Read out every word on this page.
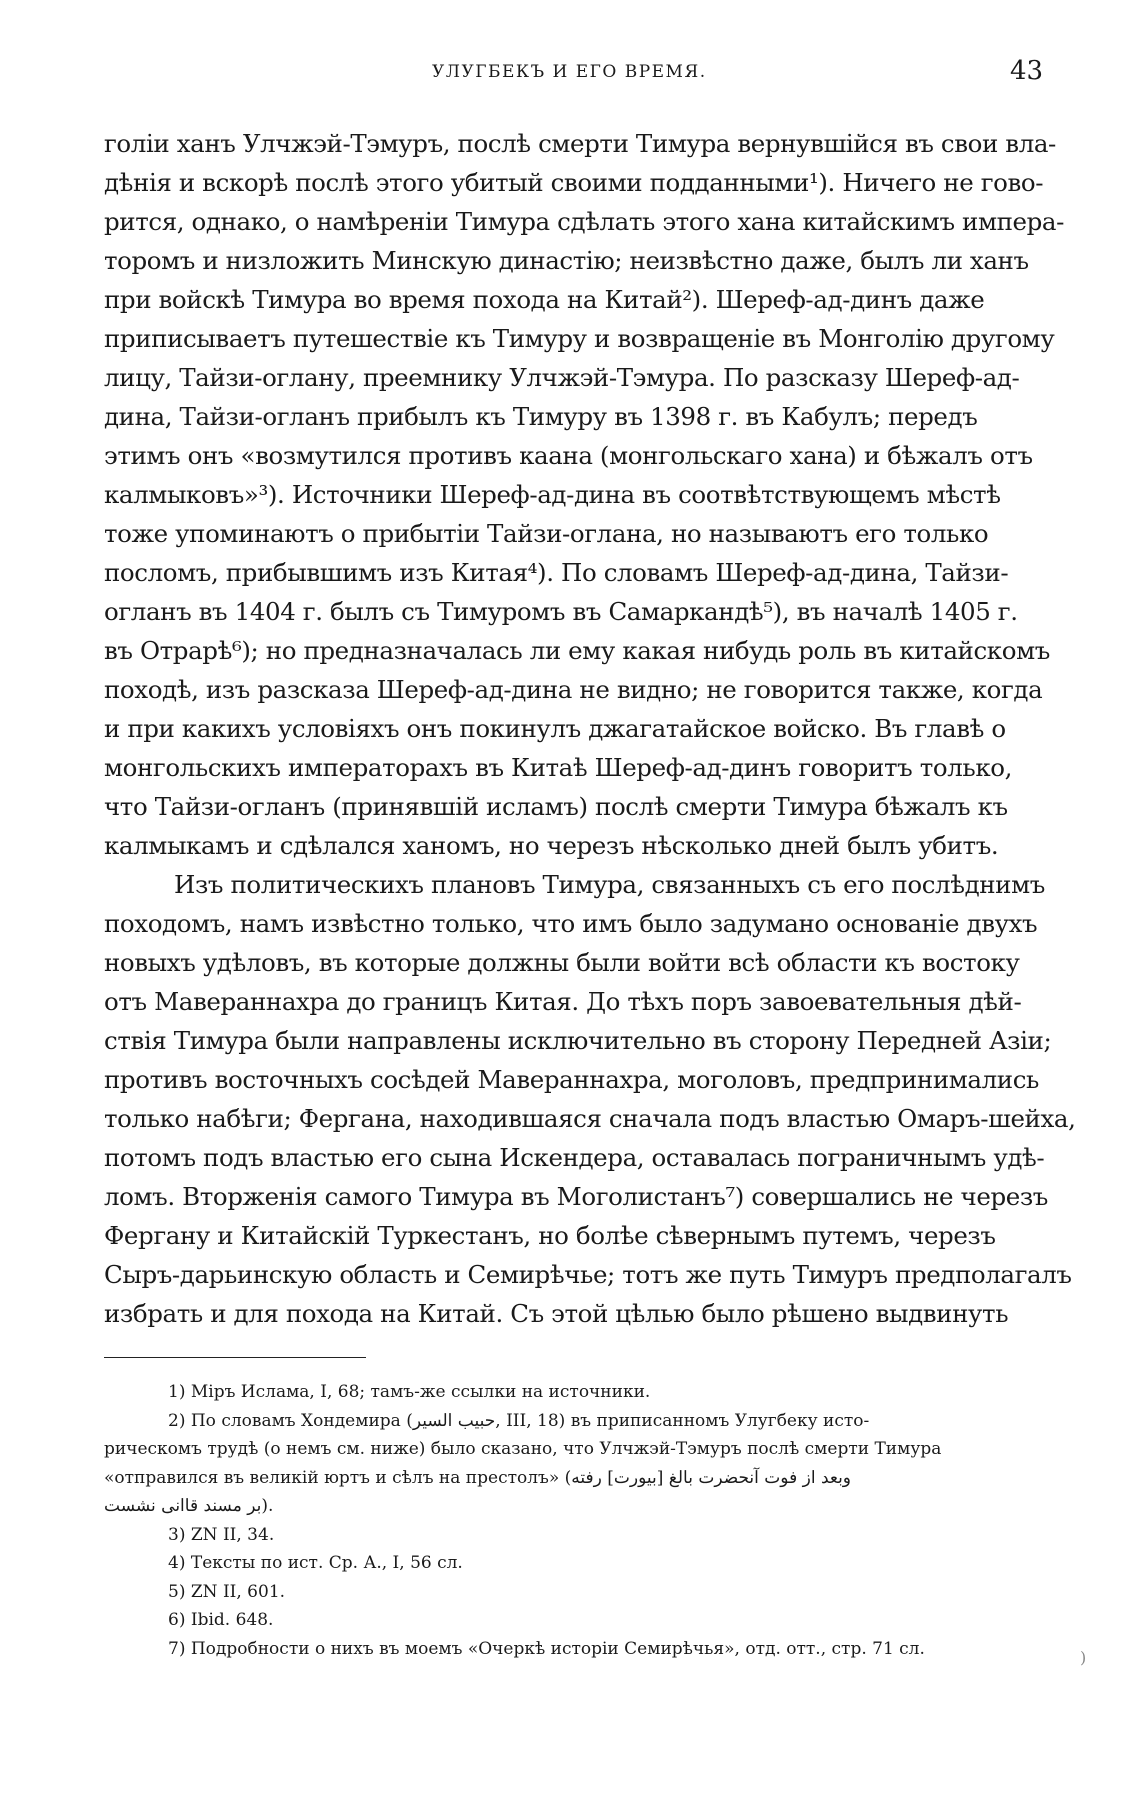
УЛУГБЕКЪ И ЕГО ВРЕМЯ.	43
голіи ханъ Улчжэй-Тэмуръ, послѣ смерти Тимура вернувшійся въ свои вла-
дѣнія и вскорѣ послѣ этого убитый своими подданными¹). Ничего не гово-
рится, однако, о намѣреніи Тимура сдѣлать этого хана китайскимъ импера-
торомъ и низложить Минскую династію; неизвѣстно даже, былъ ли ханъ
при войскѣ Тимура во время похода на Китай²). Шереф-ад-динъ даже
приписываетъ путешествіе къ Тимуру и возвращеніе въ Монголію другому
лицу, Тайзи-оглану, преемнику Улчжэй-Тэмура. По разсказу Шереф-ад-
дина, Тайзи-огланъ прибылъ къ Тимуру въ 1398 г. въ Кабулъ; передъ
этимъ онъ «возмутился противъ каана (монгольскаго хана) и бѣжалъ отъ
калмыковъ»³). Источники Шереф-ад-дина въ соотвѣтствующемъ мѣстѣ
тоже упоминаютъ о прибытіи Тайзи-оглана, но называютъ его только
посломъ, прибывшимъ изъ Китая⁴). По словамъ Шереф-ад-дина, Тайзи-
огланъ въ 1404 г. былъ съ Тимуромъ въ Самаркандѣ⁵), въ началѣ 1405 г.
въ Отрарѣ⁶); но предназначалась ли ему какая нибудь роль въ китайскомъ
походѣ, изъ разсказа Шереф-ад-дина не видно; не говорится также, когда
и при какихъ условіяхъ онъ покинулъ джагатайское войско. Въ главѣ о
монгольскихъ императорахъ въ Китаѣ Шереф-ад-динъ говоритъ только,
что Тайзи-огланъ (принявшій исламъ) послѣ смерти Тимура бѣжалъ къ
калмыкамъ и сдѣлался ханомъ, но черезъ нѣсколько дней былъ убитъ.
Изъ политическихъ плановъ Тимура, связанныхъ съ его послѣднимъ
походомъ, намъ извѣстно только, что имъ было задумано основаніе двухъ
новыхъ удѣловъ, въ которые должны были войти всѣ области къ востоку
отъ Мавераннахра до границъ Китая. До тѣхъ поръ завоевательныя дѣй-
ствія Тимура были направлены исключительно въ сторону Передней Азіи;
противъ восточныхъ сосѣдей Мавераннахра, моголовъ, предпринимались
только набѣги; Фергана, находившаяся сначала подъ властью Омаръ-шейха,
потомъ подъ властью его сына Искендера, оставалась пограничнымъ удѣ-
ломъ. Вторженія самого Тимура въ Моголистанъ⁷) совершались не черезъ
Фергану и Китайскій Туркестанъ, но болѣе сѣвернымъ путемъ, черезъ
Сыръ-дарьинскую область и Семирѣчье; тотъ же путь Тимуръ предполагалъ
избрать и для похода на Китай. Съ этой цѣлью было рѣшено выдвинуть
1) Міръ Ислама, I, 68; тамъ-же ссылки на источники.
2) По словамъ Хондемира (حبيب السير, III, 18) въ приписанномъ Улугбеку исто-
рическомъ трудѣ (о немъ см. ниже) было сказано, что Улчжэй-Тэмуръ послѣ смерти Тимура
«отправился въ великій юртъ и сѣлъ на престолъ» (وبعد از فوت آنحضرت بالغ [بيورت] رفته
بر مسند قاانى نشست).
3) ZN II, 34.
4) Тексты по ист. Ср. А., I, 56 сл.
5) ZN II, 601.
6) Ibid. 648.
7) Подробности о нихъ въ моемъ «Очеркѣ исторіи Семирѣчья», отд. отт., стр. 71 сл.	)
